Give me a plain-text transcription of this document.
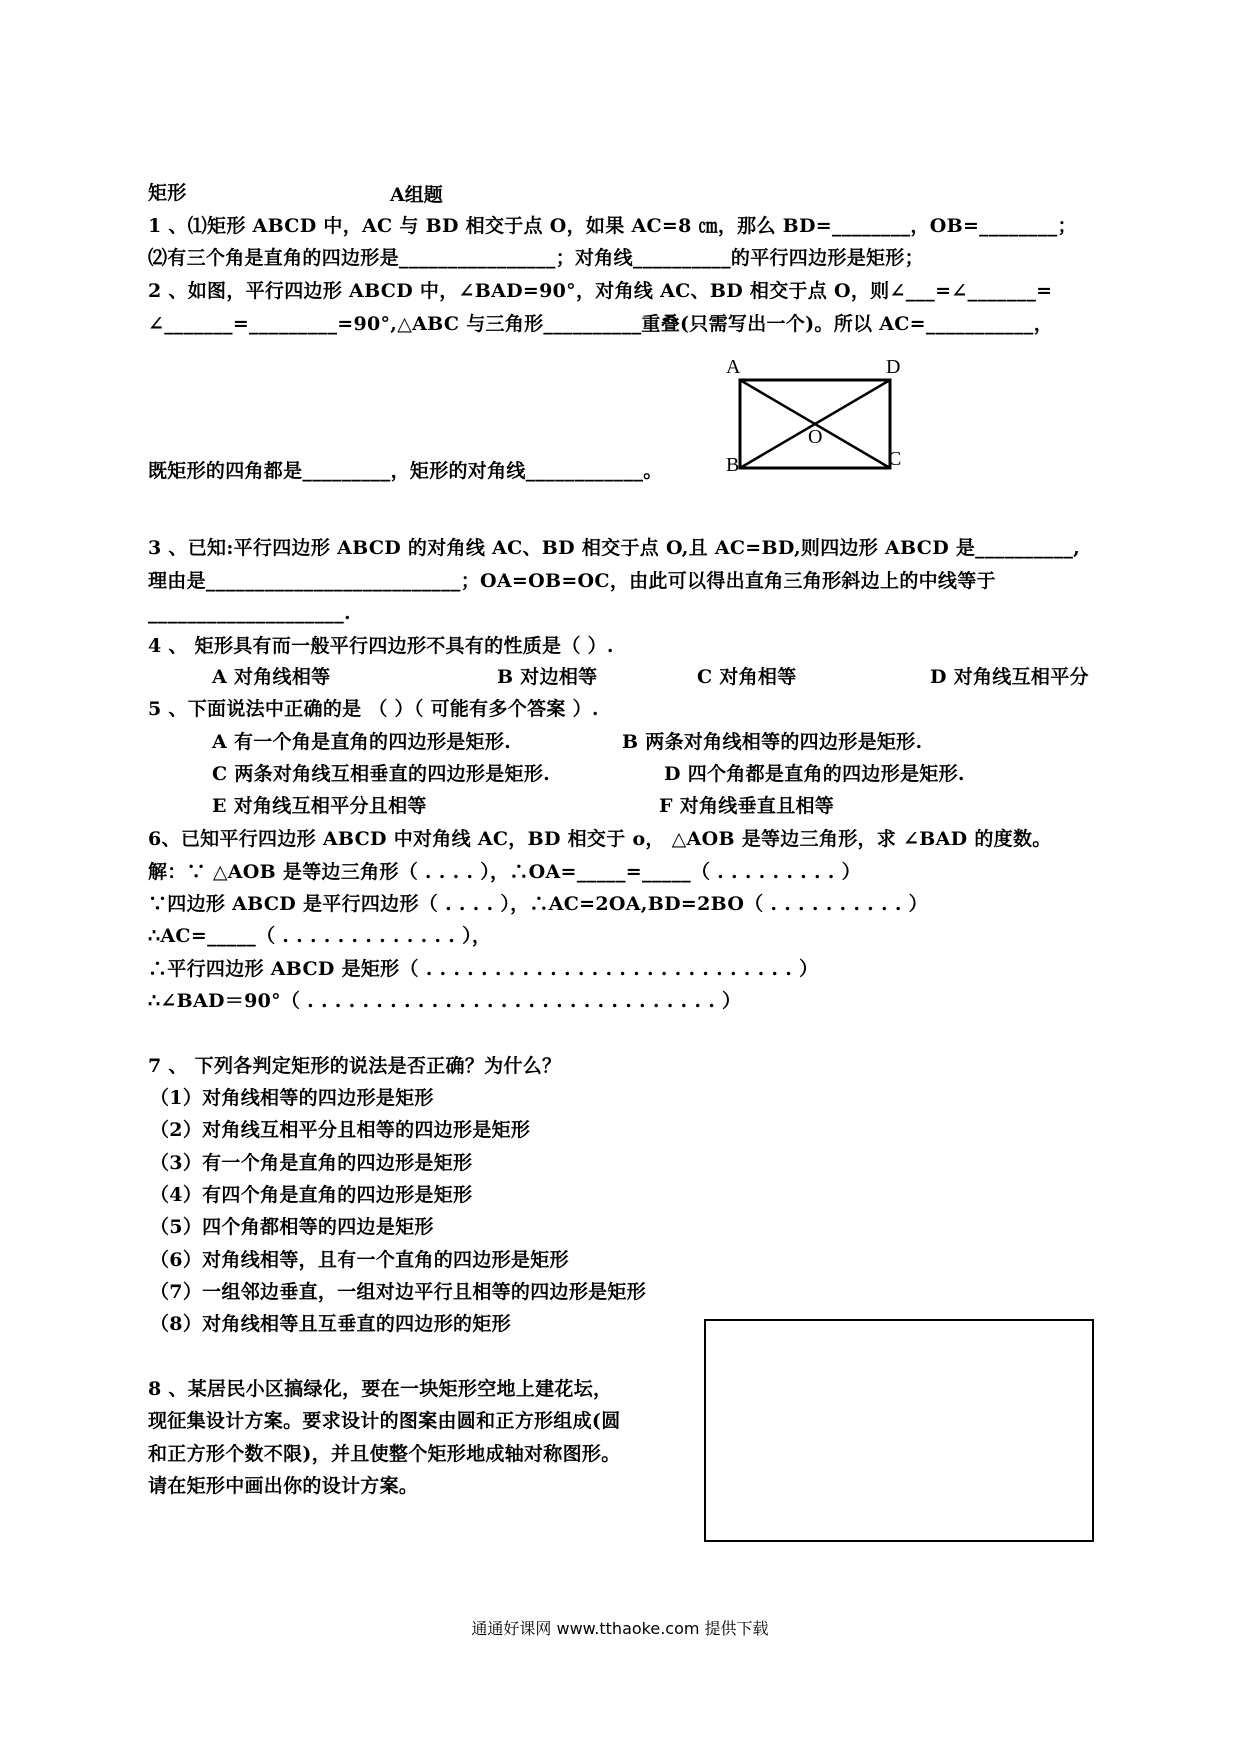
矩形	A组题
1 、⑴矩形 ABCD 中，AC 与 BD 相交于点 O，如果 AC=8 ㎝，那么 BD=________，OB=________；
⑵有三个角是直角的四边形是________________；对角线__________的平行四边形是矩形；
2 、如图，平行四边形 ABCD 中，∠BAD=90°，对角线 AC、BD 相交于点 O，则∠___=∠_______=
∠_______=_________=90°,△ABC 与三角形__________重叠(只需写出一个)。所以 AC=___________，
A	D
B	C
O
既矩形的四角都是_________，矩形的对角线____________。
3 、已知:平行四边形 ABCD 的对角线 AC、BD 相交于点 O,且 AC=BD,则四边形 ABCD 是__________,
理由是__________________________；OA=OB=OC，由此可以得出直角三角形斜边上的中线等于
____________________.
4 、 矩形具有而一般平行四边形不具有的性质是（ ）.
A 对角线相等	B 对边相等	C 对角相等	D 对角线互相平分
5 、下面说法中正确的是 （ ）（ 可能有多个答案 ）.
A 有一个角是直角的四边形是矩形.	B 两条对角线相等的四边形是矩形.
C 两条对角线互相垂直的四边形是矩形.	D 四个角都是直角的四边形是矩形.
E 对角线互相平分且相等	F 对角线垂直且相等
6、已知平行四边形 ABCD 中对角线 AC，BD 相交于 o， △AOB 是等边三角形，求 ∠BAD 的度数。
解：∵ △AOB 是等边三角形（ . . . . ），∴OA=_____=_____（ . . . . . . . . . ）
∵四边形 ABCD 是平行四边形（ . . . . ），∴AC=2OA,BD=2BO（ . . . . . . . . . . ）
∴AC=_____（ . . . . . . . . . . . . . ），
∴平行四边形 ABCD 是矩形（ . . . . . . . . . . . . . . . . . . . . . . . . . . . ）
∴∠BAD＝90°（ . . . . . . . . . . . . . . . . . . . . . . . . . . . . . . ）
7 、 下列各判定矩形的说法是否正确？为什么？
（1）对角线相等的四边形是矩形
（2）对角线互相平分且相等的四边形是矩形
（3）有一个角是直角的四边形是矩形
（4）有四个角是直角的四边形是矩形
（5）四个角都相等的四边是矩形
（6）对角线相等，且有一个直角的四边形是矩形
（7）一组邻边垂直，一组对边平行且相等的四边形是矩形
（8）对角线相等且互垂直的四边形的矩形
8 、某居民小区搞绿化，要在一块矩形空地上建花坛，
现征集设计方案。要求设计的图案由圆和正方形组成(圆
和正方形个数不限)，并且使整个矩形地成轴对称图形。
请在矩形中画出你的设计方案。
通通好课网 www.tthaoke.com 提供下载
